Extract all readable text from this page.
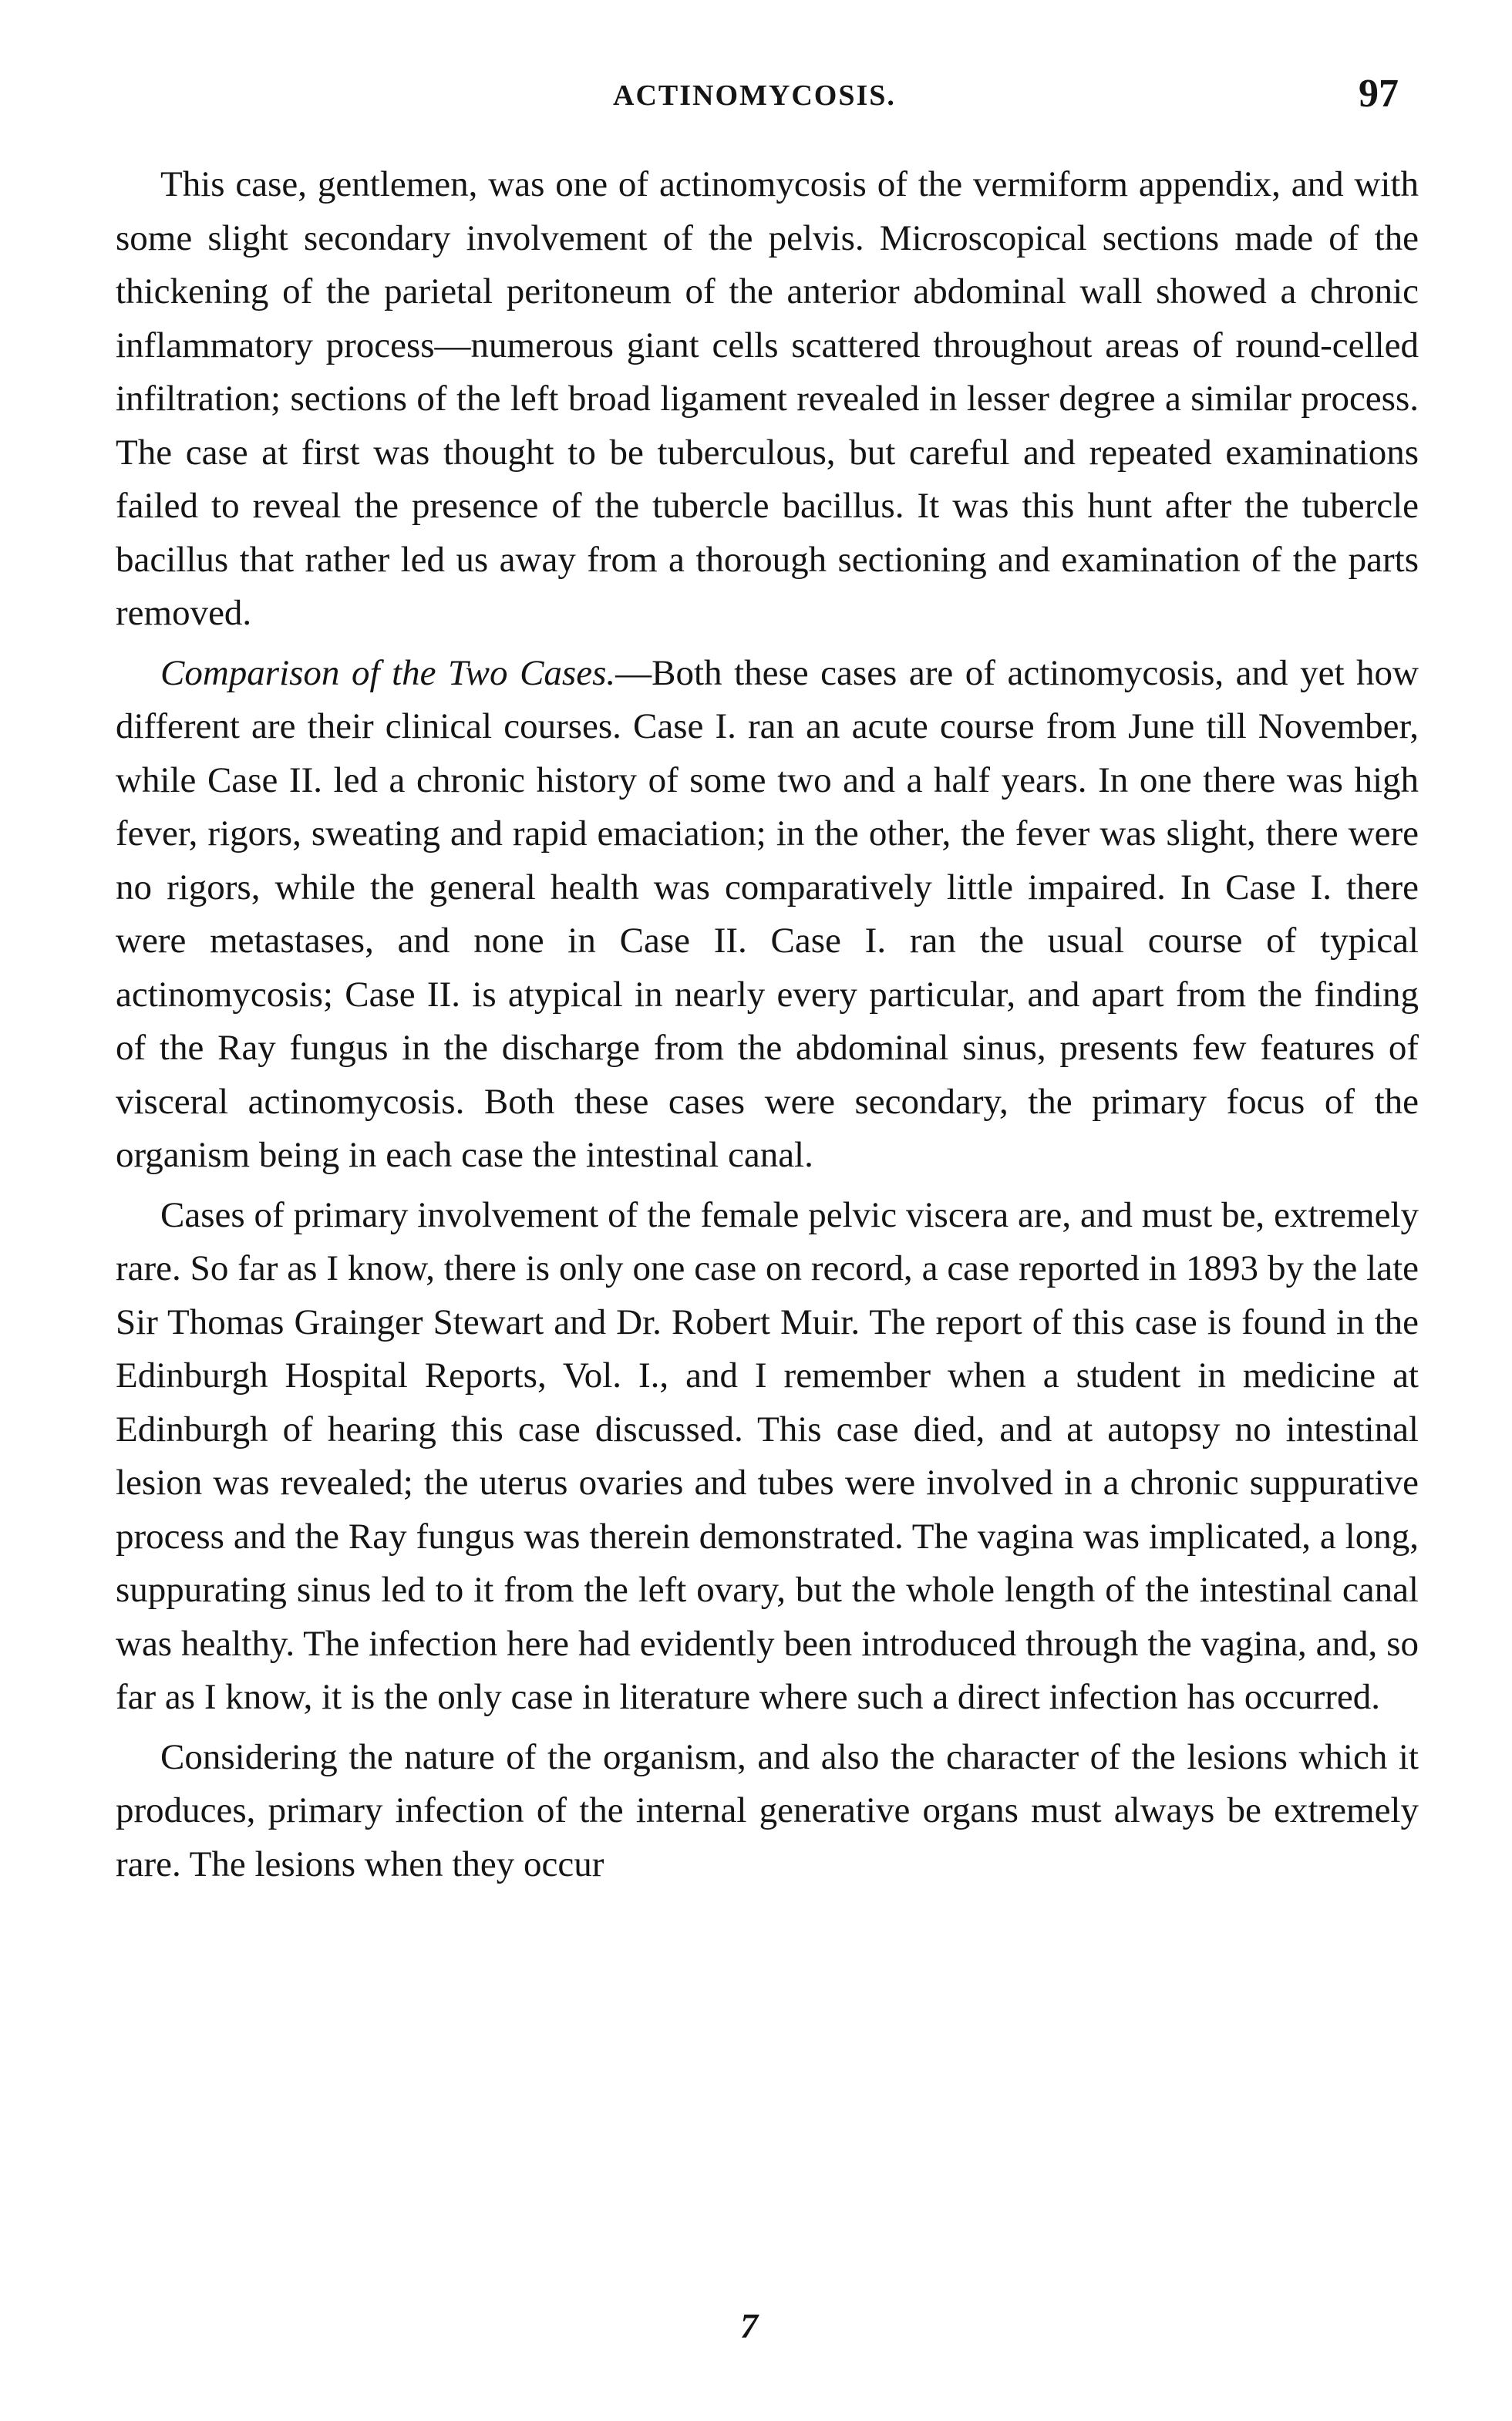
ACTINOMYCOSIS.	97

This case, gentlemen, was one of actinomycosis of the vermiform appendix, and with some slight secondary involvement of the pelvis. Microscopical sections made of the thickening of the parietal peritoneum of the anterior abdominal wall showed a chronic inflammatory process—numerous giant cells scattered throughout areas of round-celled infiltration; sections of the left broad ligament revealed in lesser degree a similar process. The case at first was thought to be tuberculous, but careful and repeated examinations failed to reveal the presence of the tubercle bacillus. It was this hunt after the tubercle bacillus that rather led us away from a thorough sectioning and examination of the parts removed.

Comparison of the Two Cases.—Both these cases are of actinomycosis, and yet how different are their clinical courses. Case I. ran an acute course from June till November, while Case II. led a chronic history of some two and a half years. In one there was high fever, rigors, sweating and rapid emaciation; in the other, the fever was slight, there were no rigors, while the general health was comparatively little impaired. In Case I. there were metastases, and none in Case II. Case I. ran the usual course of typical actinomycosis; Case II. is atypical in nearly every particular, and apart from the finding of the Ray fungus in the discharge from the abdominal sinus, presents few features of visceral actinomycosis. Both these cases were secondary, the primary focus of the organism being in each case the intestinal canal.

Cases of primary involvement of the female pelvic viscera are, and must be, extremely rare. So far as I know, there is only one case on record, a case reported in 1893 by the late Sir Thomas Grainger Stewart and Dr. Robert Muir. The report of this case is found in the Edinburgh Hospital Reports, Vol. I., and I remember when a student in medicine at Edinburgh of hearing this case discussed. This case died, and at autopsy no intestinal lesion was revealed; the uterus ovaries and tubes were involved in a chronic suppurative process and the Ray fungus was therein demonstrated. The vagina was implicated, a long, suppurating sinus led to it from the left ovary, but the whole length of the intestinal canal was healthy. The infection here had evidently been introduced through the vagina, and, so far as I know, it is the only case in literature where such a direct infection has occurred.

Considering the nature of the organism, and also the character of the lesions which it produces, primary infection of the internal generative organs must always be extremely rare. The lesions when they occur

7
